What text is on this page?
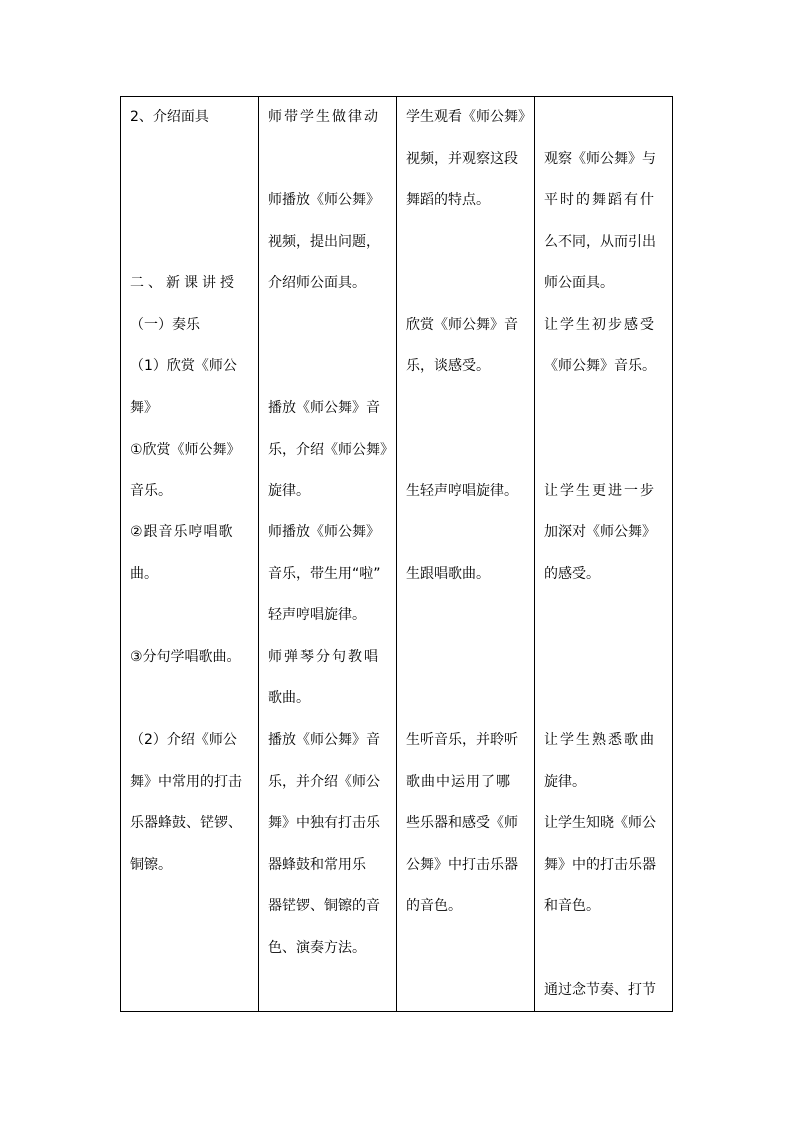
2、介绍面具
二、新课讲授
（一）奏乐
（1）欣赏《师公
舞》
①欣赏《师公舞》
音乐。
②跟音乐哼唱歌
曲。
③分句学唱歌曲。
（2）介绍《师公
舞》中常用的打击
乐器蜂鼓、铓锣、
铜镲。
师带学生做律动
师播放《师公舞》
视频，提出问题，
介绍师公面具。
播放《师公舞》音
乐，介绍《师公舞》
旋律。
师播放《师公舞》
音乐，带生用“啦”
轻声哼唱旋律。
师弹琴分句教唱
歌曲。
播放《师公舞》音
乐，并介绍《师公
舞》中独有打击乐
器蜂鼓和常用乐
器铓锣、铜镲的音
色、演奏方法。
学生观看《师公舞》
视频，并观察这段
舞蹈的特点。
欣赏《师公舞》音
乐，谈感受。
生轻声哼唱旋律。
生跟唱歌曲。
生听音乐，并聆听
歌曲中运用了哪
些乐器和感受《师
公舞》中打击乐器
的音色。
观察《师公舞》与
平时的舞蹈有什
么不同，从而引出
师公面具。
让学生初步感受
《师公舞》音乐。
让学生更进一步
加深对《师公舞》
的感受。
让学生熟悉歌曲
旋律。
让学生知晓《师公
舞》中的打击乐器
和音色。
通过念节奏、打节
